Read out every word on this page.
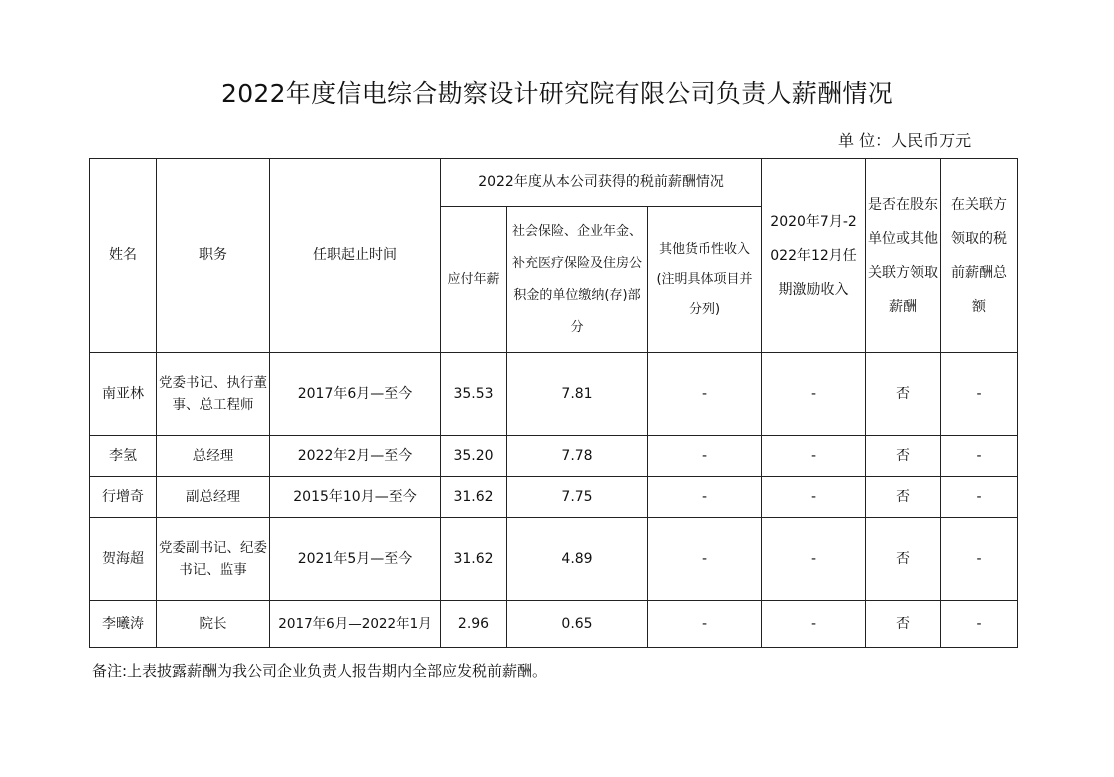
2022年度信电综合勘察设计研究院有限公司负责人薪酬情况
单 位：人民币万元
姓名	职务	任职起止时间	2022年度从本公司获得的税前薪酬情况			2020年7月-2022年12月任期激励收入	是否在股东单位或其他关联方领取薪酬	在关联方领取的税前薪酬总额
			应付年薪	社会保险、企业年金、补充医疗保险及住房公积金的单位缴纳(存)部分	其他货币性收入(注明具体项目并分列)			
南亚林	党委书记、执行董事、总工程师	2017年6月—至今	35.53	7.81	-	-	否	-
李氢	总经理	2022年2月—至今	35.20	7.78	-	-	否	-
行增奇	副总经理	2015年10月—至今	31.62	7.75	-	-	否	-
贺海超	党委副书记、纪委书记、监事	2021年5月—至今	31.62	4.89	-	-	否	-
李曦涛	院长	2017年6月—2022年1月	2.96	0.65	-	-	否	-
备注:上表披露薪酬为我公司企业负责人报告期内全部应发税前薪酬。
